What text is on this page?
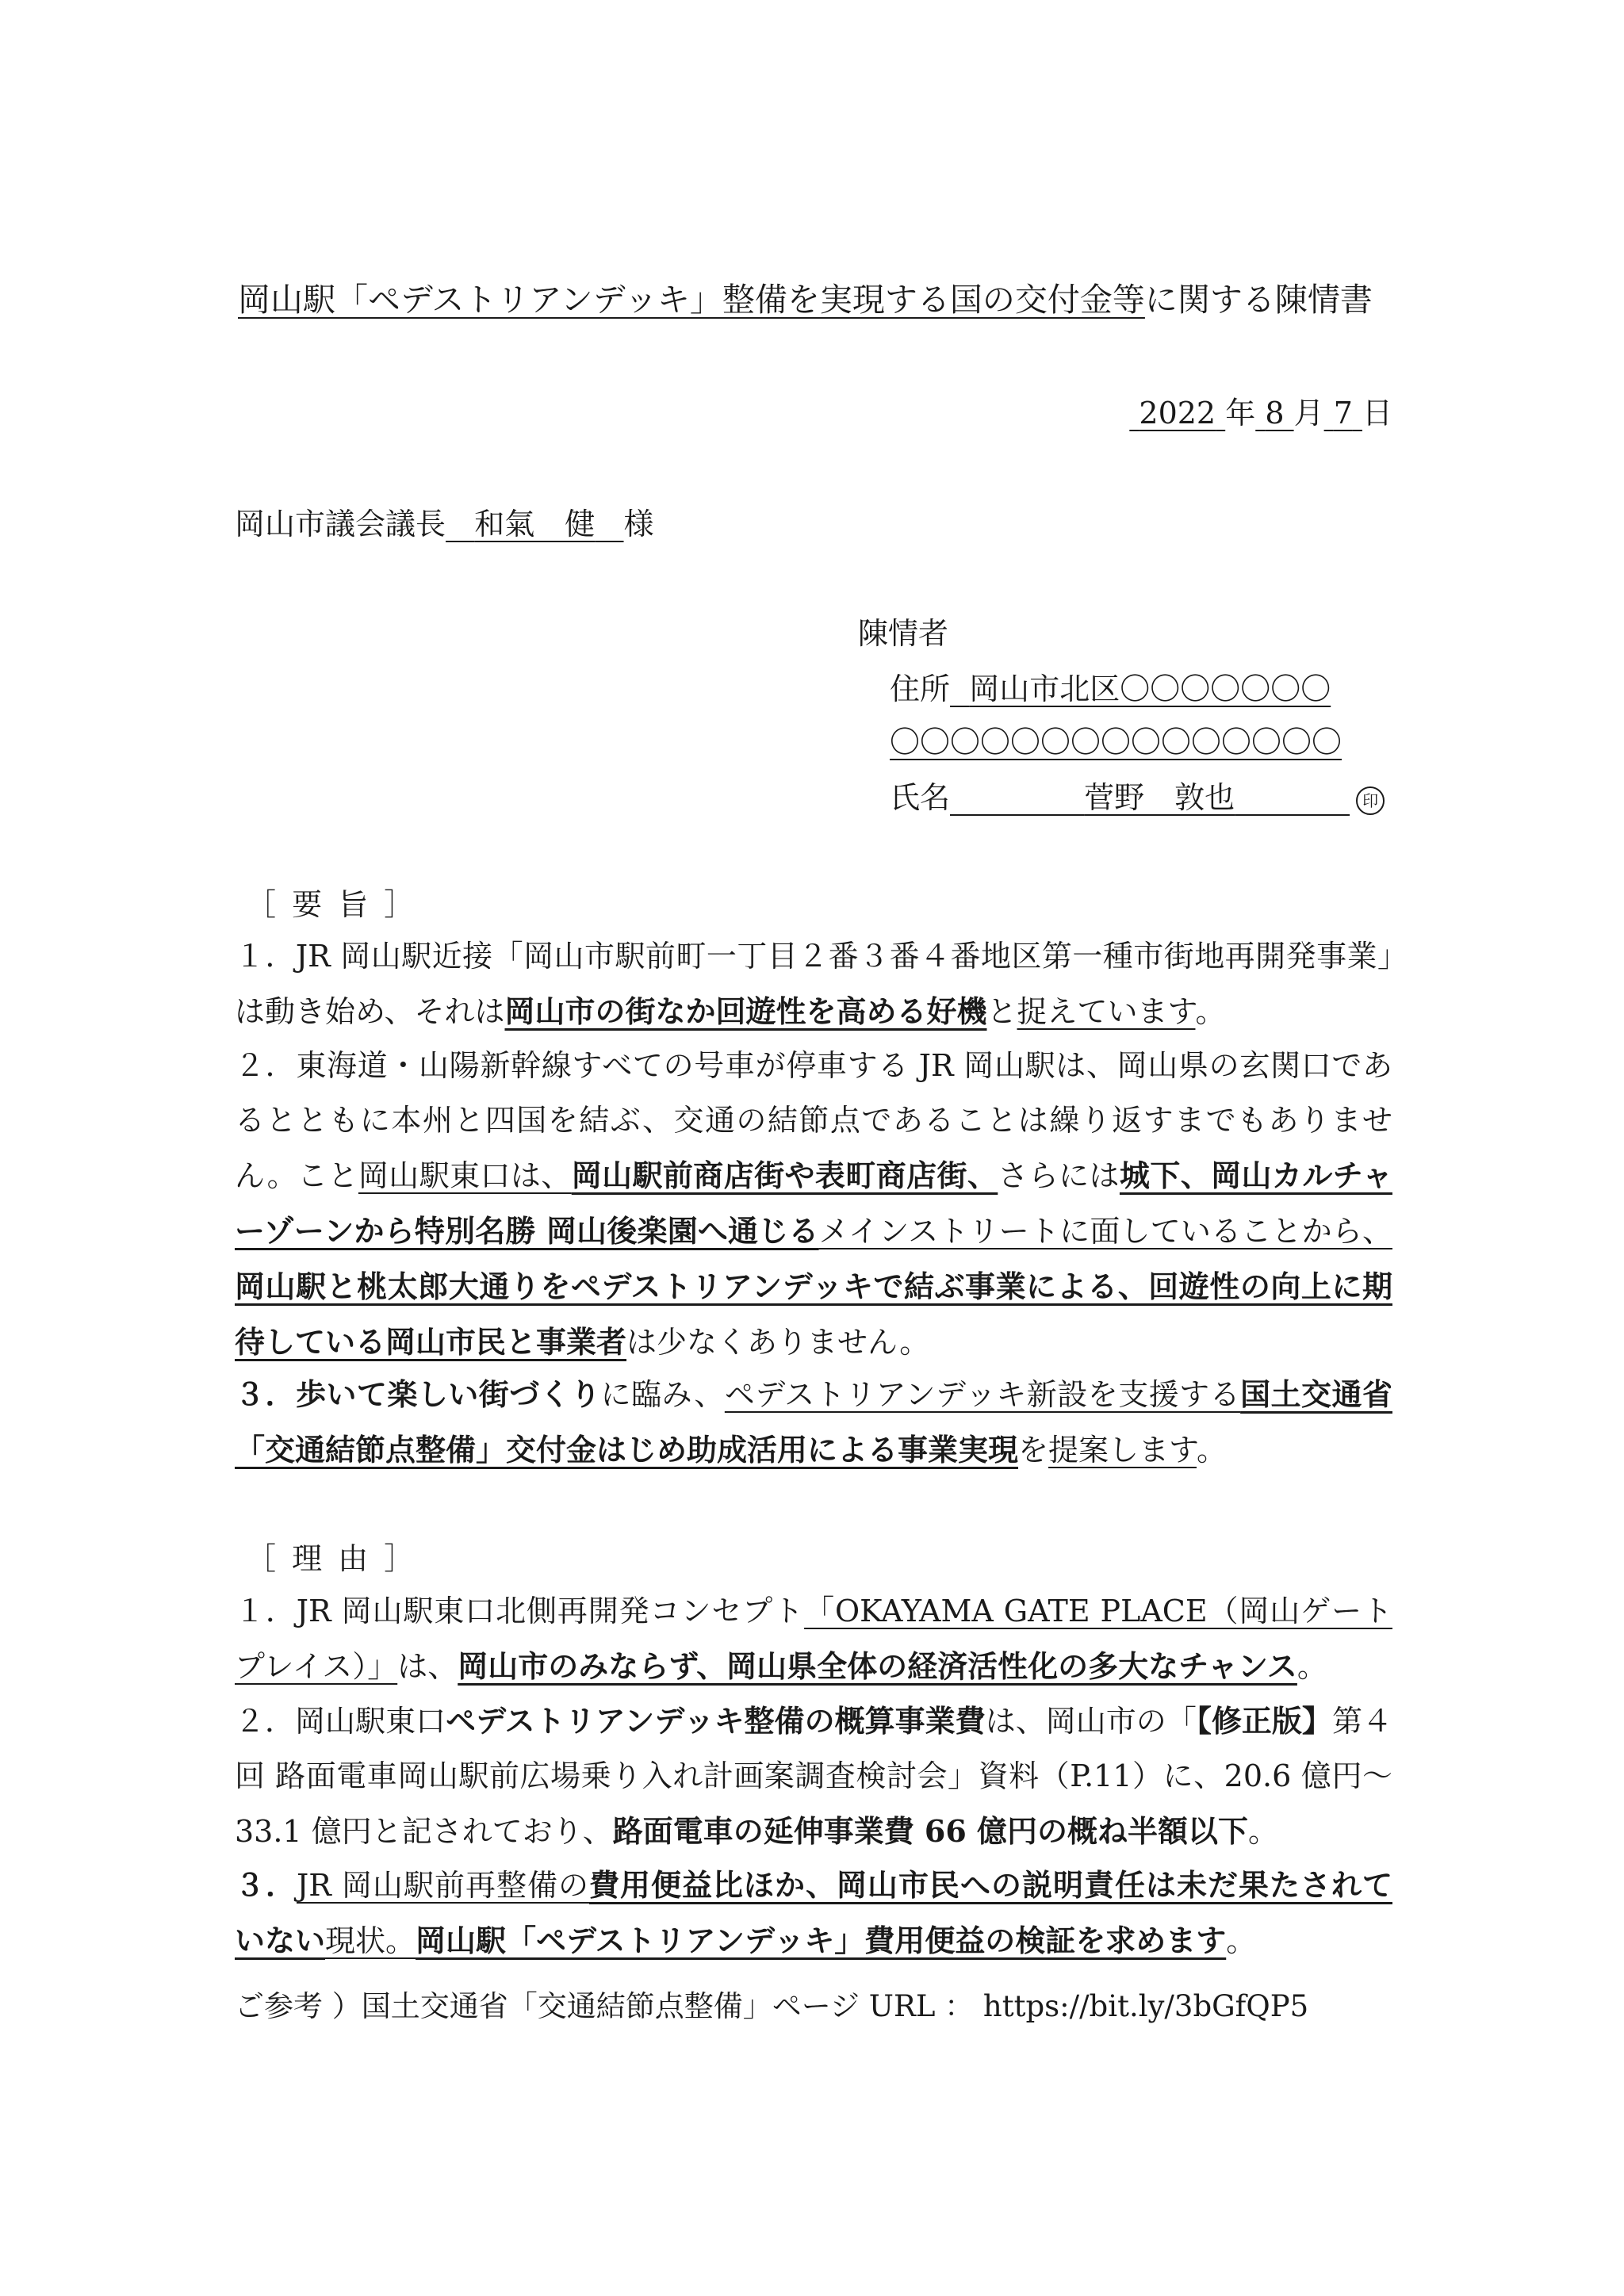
岡山駅「ペデストリアンデッキ」整備を実現する国の交付金等に関する陳情書
2022 年 8 月 7 日
岡山市議会議長 和氣　健 様
陳情者
住所 岡山市北区〇〇〇〇〇〇〇
〇〇〇〇〇〇〇〇〇〇〇〇〇〇〇
氏名	菅野　敦也	印
［ 要 旨 ］
１．JR 岡山駅近接「岡山市駅前町一丁目２番３番４番地区第一種市街地再開発事業」は動き始め、それは岡山市の街なか回遊性を高める好機と捉えています。
２．東海道・山陽新幹線すべての号車が停車する JR 岡山駅は、岡山県の玄関口であるとともに本州と四国を結ぶ、交通の結節点であることは繰り返すまでもありません。こと岡山駅東口は、岡山駅前商店街や表町商店街、さらには城下、岡山カルチャーゾーンから特別名勝 岡山後楽園へ通じるメインストリートに面していることから、岡山駅と桃太郎大通りをペデストリアンデッキで結ぶ事業による、回遊性の向上に期待している岡山市民と事業者は少なくありません。
３．歩いて楽しい街づくりに臨み、ペデストリアンデッキ新設を支援する国土交通省「交通結節点整備」交付金はじめ助成活用による事業実現を提案します。
［ 理 由 ］
１．JR 岡山駅東口北側再開発コンセプト「OKAYAMA GATE PLACE（岡山ゲートプレイス）」は、岡山市のみならず、岡山県全体の経済活性化の多大なチャンス。
２．岡山駅東口ペデストリアンデッキ整備の概算事業費は、岡山市の「【修正版】第４回 路面電車岡山駅前広場乗り入れ計画案調査検討会」資料（P.11）に、20.6 億円～33.1 億円と記されており、路面電車の延伸事業費 66 億円の概ね半額以下。
３．JR 岡山駅前再整備の費用便益比ほか、岡山市民への説明責任は未だ果たされていない現状。岡山駅「ペデストリアンデッキ」費用便益の検証を求めます。
ご参考 ）国土交通省「交通結節点整備」ページ URL ： https://bit.ly/3bGfQP5
